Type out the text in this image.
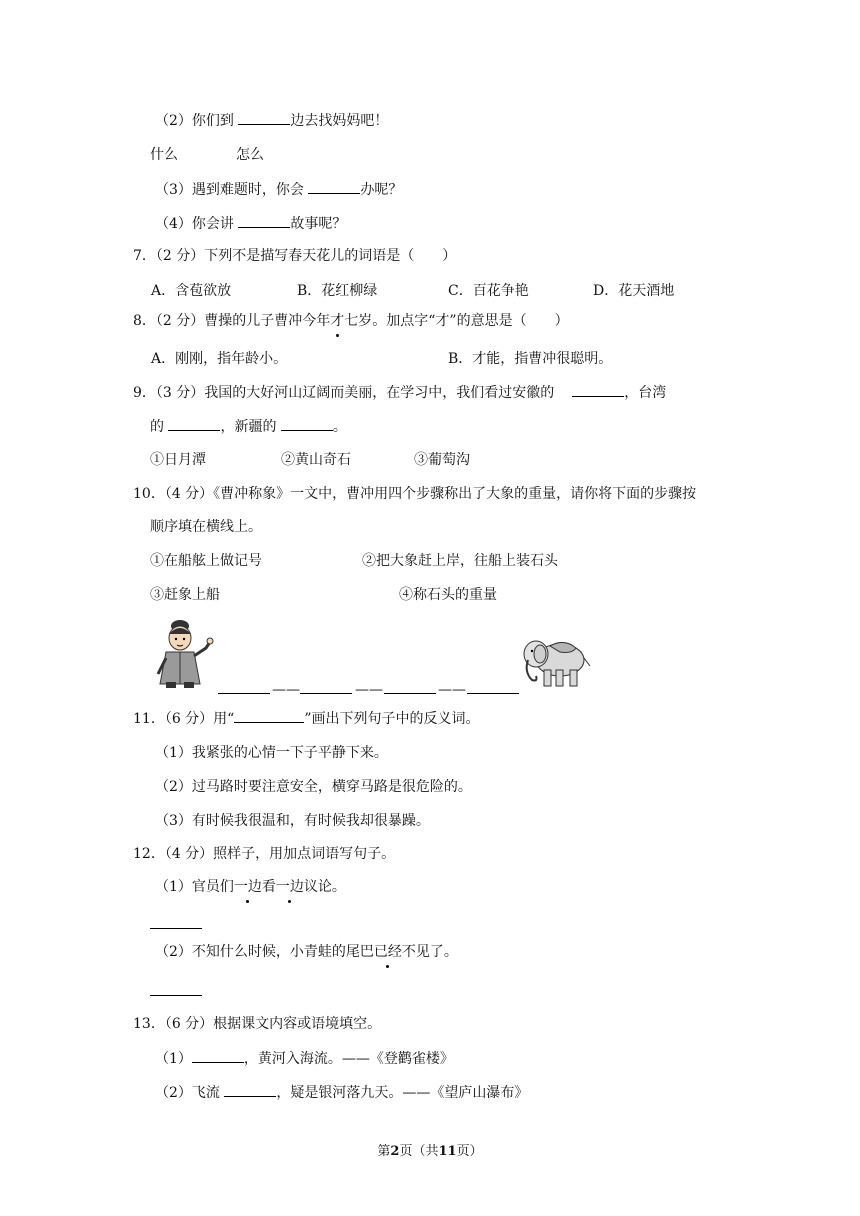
（2）你们到	边去找妈妈吧！
什么	怎么
（3）遇到难题时，你会	办呢？
（4）你会讲	故事呢？
7．（2 分）下列不是描写春天花儿的词语是（　　）
A．含苞欲放	B．花红柳绿	C．百花争艳	D．花天酒地
8．（2 分）曹操的儿子曹冲今年才七岁。加点字“才”的意思是（　　）
A．刚刚，指年龄小。	B．才能，指曹冲很聪明。
9．（3 分）我国的大好河山辽阔而美丽，在学习中，我们看过安徽的	，台湾
的	，新疆的	。
①日月潭	②黄山奇石	③葡萄沟
10．（4 分）《曹冲称象》一文中，曹冲用四个步骤称出了大象的重量，请你将下面的步骤按
顺序填在横线上。
①在船舷上做记号	②把大象赶上岸，往船上装石头
③赶象上船	④称石头的重量
——	——	——
11．（6 分）用“	”画出下列句子中的反义词。
（1）我紧张的心情一下子平静下来。
（2）过马路时要注意安全，横穿马路是很危险的。
（3）有时候我很温和，有时候我却很暴躁。
12．（4 分）照样子，用加点词语写句子。
（1）官员们一边看一边议论。
（2）不知什么时候，小青蛙的尾巴已经不见了。
13．（6 分）根据课文内容或语境填空。
（1）	，黄河入海流。——《登鹳雀楼》
（2）飞流	，疑是银河落九天。——《望庐山瀑布》
第2页（共11页）
